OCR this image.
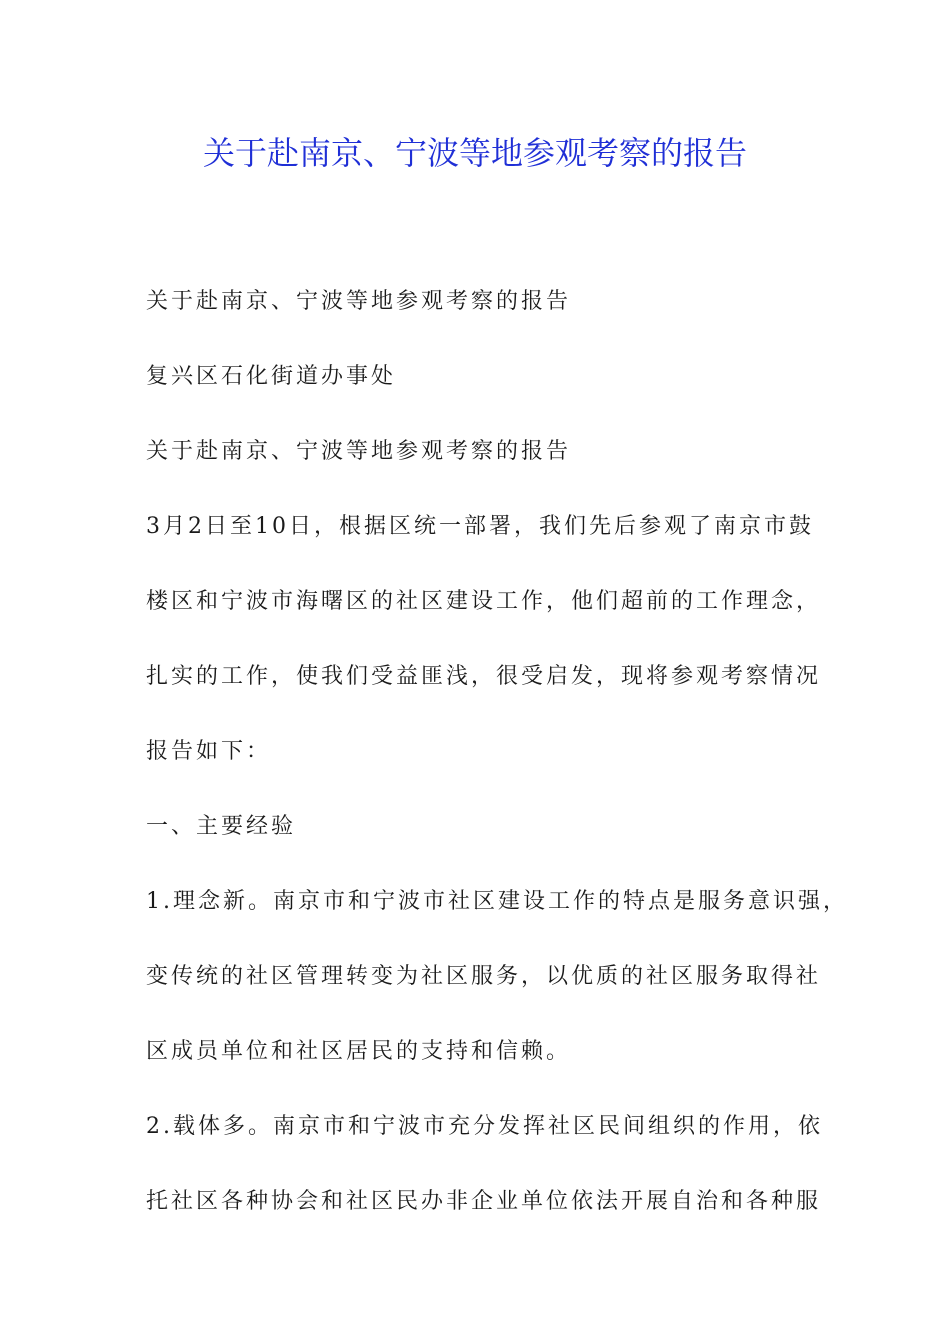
关于赴南京、宁波等地参观考察的报告

关于赴南京、宁波等地参观考察的报告

复兴区石化街道办事处

关于赴南京、宁波等地参观考察的报告

3月2日至10日，根据区统一部署，我们先后参观了南京市鼓

楼区和宁波市海曙区的社区建设工作，他们超前的工作理念，

扎实的工作，使我们受益匪浅，很受启发，现将参观考察情况

报告如下：

一、主要经验

1.理念新。南京市和宁波市社区建设工作的特点是服务意识强，

变传统的社区管理转变为社区服务，以优质的社区服务取得社

区成员单位和社区居民的支持和信赖。

2.载体多。南京市和宁波市充分发挥社区民间组织的作用，依

托社区各种协会和社区民办非企业单位依法开展自治和各种服
